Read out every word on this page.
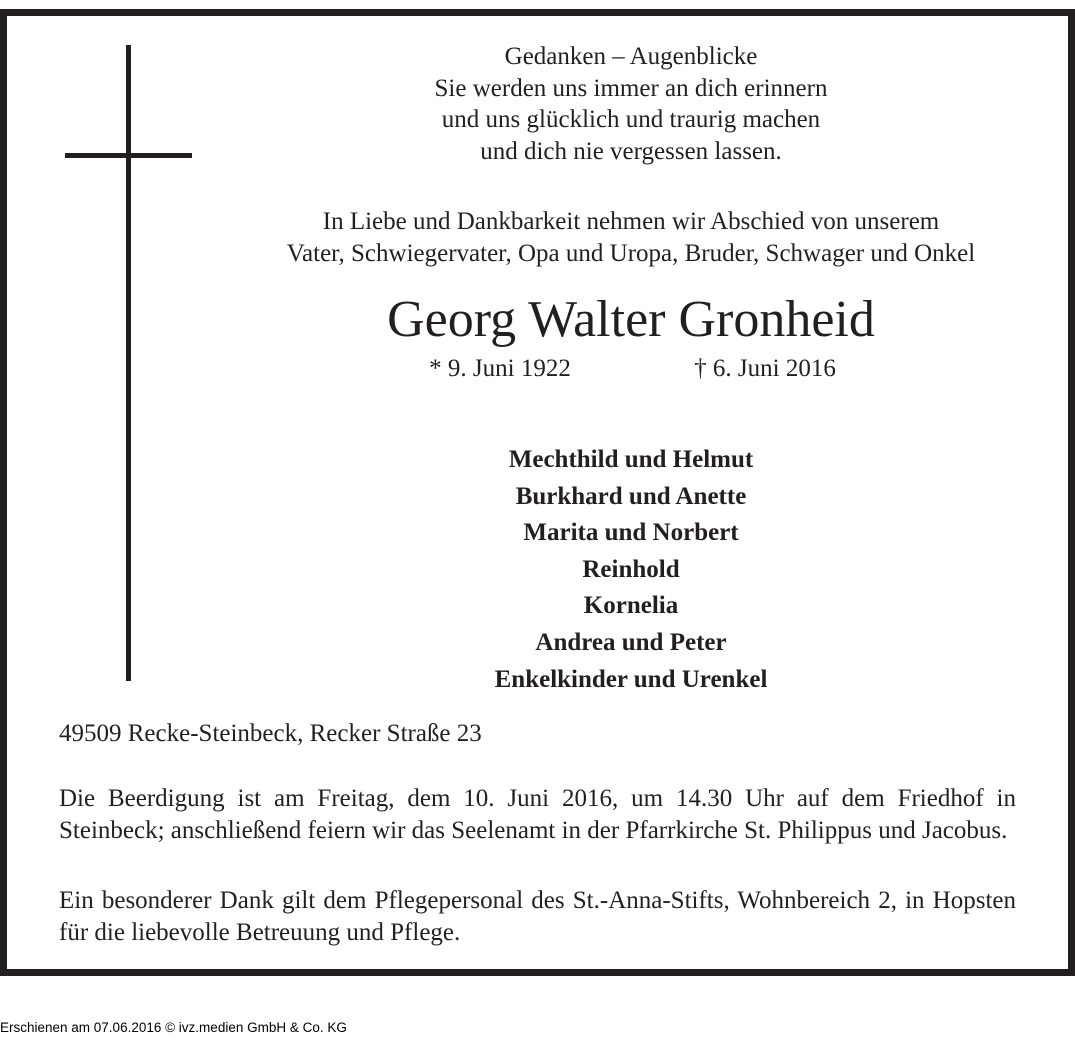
Gedanken – Augenblicke
Sie werden uns immer an dich erinnern
und uns glücklich und traurig machen
und dich nie vergessen lassen.
In Liebe und Dankbarkeit nehmen wir Abschied von unserem
Vater, Schwiegervater, Opa und Uropa, Bruder, Schwager und Onkel
Georg Walter Gronheid
* 9. Juni 1922	† 6. Juni 2016
Mechthild und Helmut
Burkhard und Anette
Marita und Norbert
Reinhold
Kornelia
Andrea und Peter
Enkelkinder und Urenkel
49509 Recke-Steinbeck, Recker Straße 23
Die Beerdigung ist am Freitag, dem 10. Juni 2016, um 14.30 Uhr auf dem Friedhof in Steinbeck; anschließend feiern wir das Seelenamt in der Pfarrkirche St. Philippus und Jacobus.
Ein besonderer Dank gilt dem Pflegepersonal des St.-Anna-Stifts, Wohnbereich 2, in Hopsten für die liebevolle Betreuung und Pflege.
Erschienen am 07.06.2016 © ivz.medien GmbH & Co. KG
